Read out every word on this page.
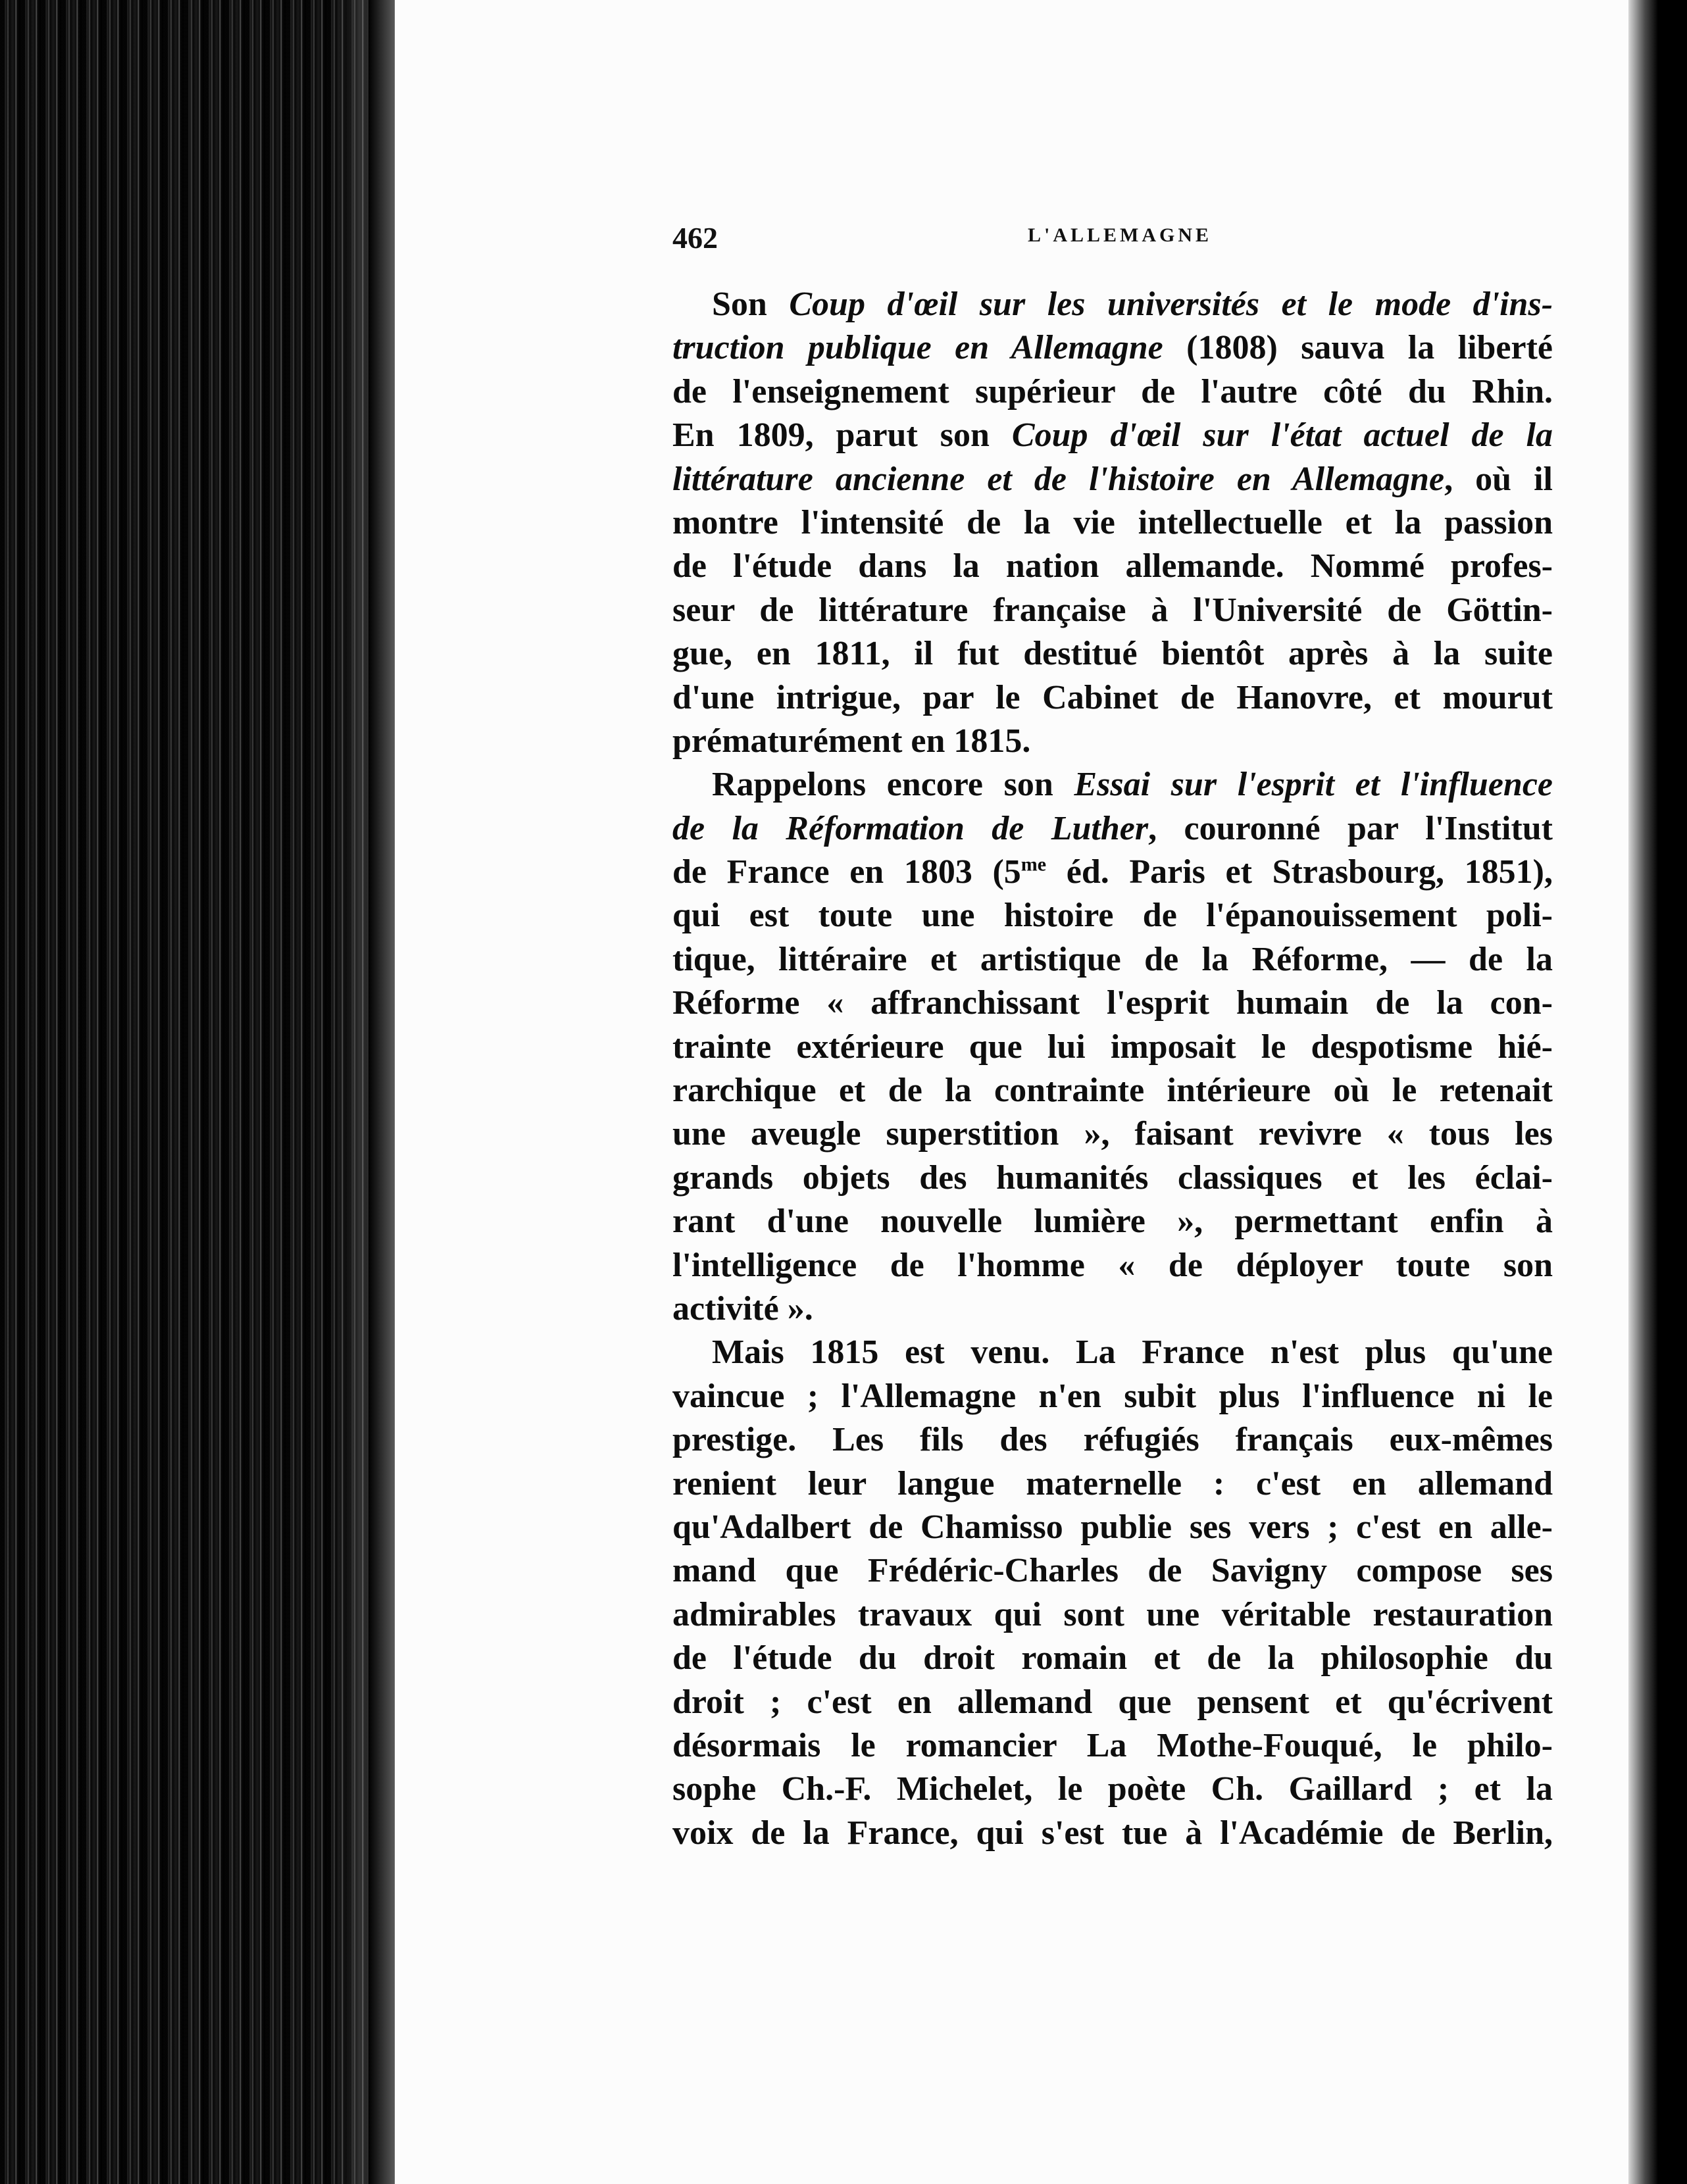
462	L'ALLEMAGNE
Son Coup d'œil sur les universités et le mode d'ins-
truction publique en Allemagne (1808) sauva la liberté
de l'enseignement supérieur de l'autre côté du Rhin.
En 1809, parut son Coup d'œil sur l'état actuel de la
littérature ancienne et de l'histoire en Allemagne, où il
montre l'intensité de la vie intellectuelle et la passion
de l'étude dans la nation allemande. Nommé profes-
seur de littérature française à l'Université de Göttin-
gue, en 1811, il fut destitué bientôt après à la suite
d'une intrigue, par le Cabinet de Hanovre, et mourut
prématurément en 1815.
Rappelons encore son Essai sur l'esprit et l'influence
de la Réformation de Luther, couronné par l'Institut
de France en 1803 ($5^{me}$ éd. Paris et Strasbourg, 1851),
qui est toute une histoire de l'épanouissement poli-
tique, littéraire et artistique de la Réforme, — de la
Réforme « affranchissant l'esprit humain de la con-
trainte extérieure que lui imposait le despotisme hié-
rarchique et de la contrainte intérieure où le retenait
une aveugle superstition », faisant revivre « tous les
grands objets des humanités classiques et les éclai-
rant d'une nouvelle lumière », permettant enfin à
l'intelligence de l'homme « de déployer toute son
activité ».
Mais 1815 est venu. La France n'est plus qu'une
vaincue ; l'Allemagne n'en subit plus l'influence ni le
prestige. Les fils des réfugiés français eux-mêmes
renient leur langue maternelle : c'est en allemand
qu'Adalbert de Chamisso publie ses vers ; c'est en alle-
mand que Frédéric-Charles de Savigny compose ses
admirables travaux qui sont une véritable restauration
de l'étude du droit romain et de la philosophie du
droit ; c'est en allemand que pensent et qu'écrivent
désormais le romancier La Mothe-Fouqué, le philo-
sophe Ch.-F. Michelet, le poète Ch. Gaillard ; et la
voix de la France, qui s'est tue à l'Académie de Berlin,
